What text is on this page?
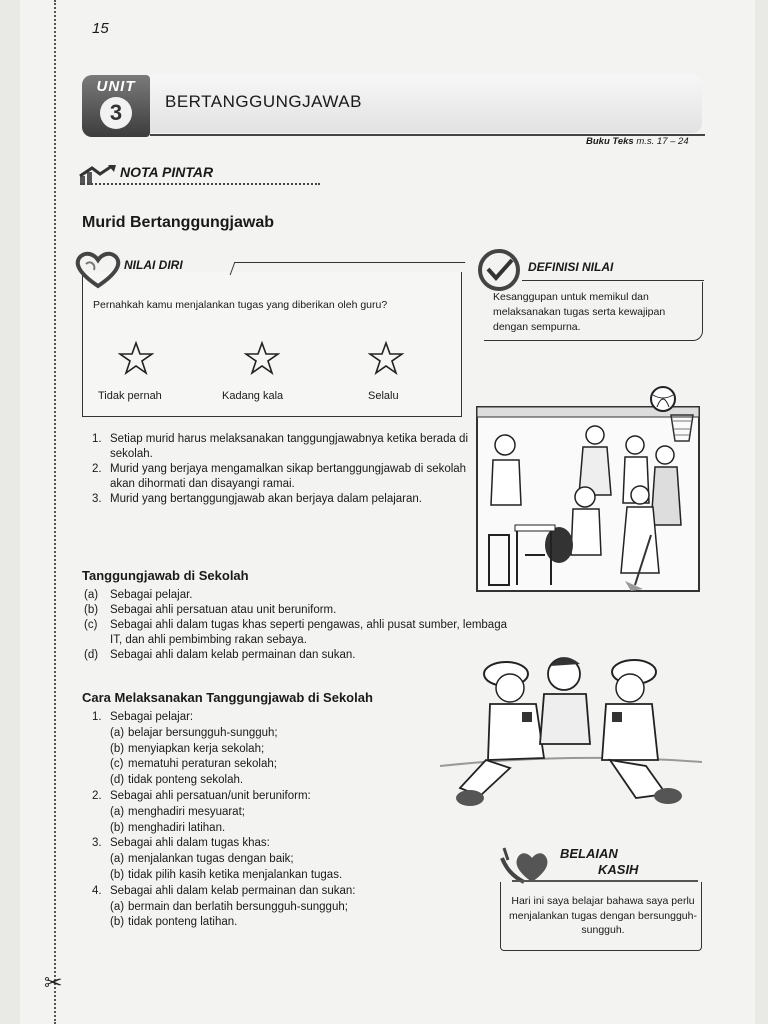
✂
15
UNIT
3	BERTANGGUNGJAWAB
Buku Teks m.s. 17 – 24
NOTA PINTAR
Murid Bertanggungjawab
NILAI DIRI
Pernahkah kamu menjalankan tugas yang diberikan oleh guru?
Tidak pernah	Kadang kala	Selalu
DEFINISI NILAI
Kesanggupan untuk memikul dan melaksanakan tugas serta kewajipan dengan sempurna.
1. Setiap murid harus melaksanakan tanggungjawabnya ketika berada di sekolah.
2. Murid yang berjaya mengamalkan sikap bertanggungjawab di sekolah akan dihormati dan disayangi ramai.
3. Murid yang bertanggungjawab akan berjaya dalam pelajaran.
Tanggungjawab di Sekolah
(a) Sebagai pelajar.
(b) Sebagai ahli persatuan atau unit beruniform.
(c) Sebagai ahli dalam tugas khas seperti pengawas, ahli pusat sumber, lembaga IT, dan ahli pembimbing rakan sebaya.
(d) Sebagai ahli dalam kelab permainan dan sukan.
Cara Melaksanakan Tanggungjawab di Sekolah
1. Sebagai pelajar:
(a) belajar bersungguh-sungguh;
(b) menyiapkan kerja sekolah;
(c) mematuhi peraturan sekolah;
(d) tidak ponteng sekolah.
2. Sebagai ahli persatuan/unit beruniform:
(a) menghadiri mesyuarat;
(b) menghadiri latihan.
3. Sebagai ahli dalam tugas khas:
(a) menjalankan tugas dengan baik;
(b) tidak pilih kasih ketika menjalankan tugas.
4. Sebagai ahli dalam kelab permainan dan sukan:
(a) bermain dan berlatih bersungguh-sungguh;
(b) tidak ponteng latihan.
BELAIAN
KASIH
Hari ini saya belajar bahawa saya perlu menjalankan tugas dengan bersungguh-sungguh.
